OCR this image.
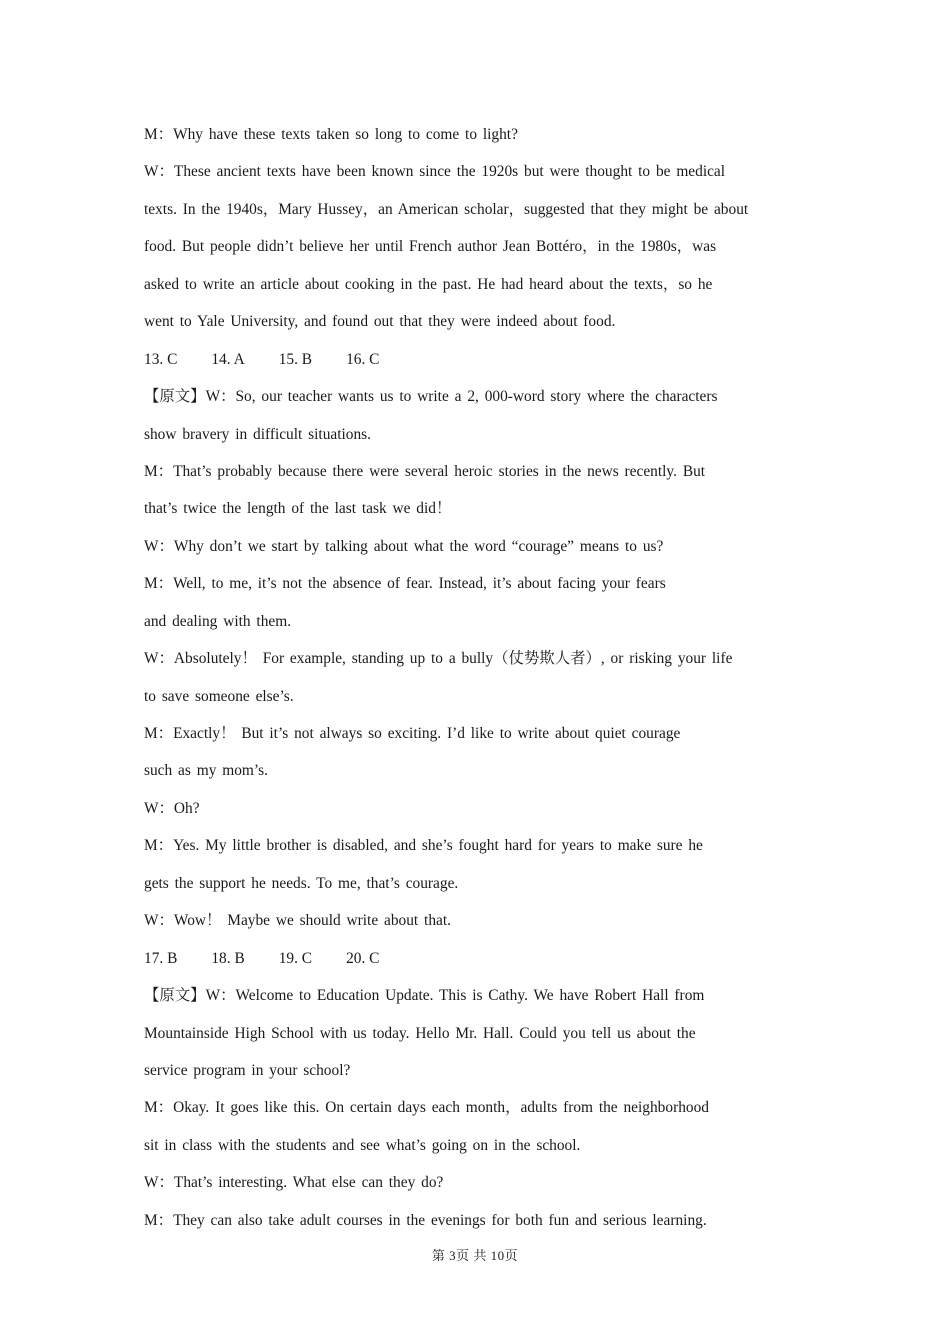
M：Why have these texts taken so long to come to light?
W：These ancient texts have been known since the 1920s but were thought to be medical
texts. In the 1940s，Mary Hussey，an American scholar，suggested that they might be about
food. But people didn’t believe her until French author Jean Bottéro，in the 1980s，was
asked to write an article about cooking in the past. He had heard about the texts，so he
went to Yale University, and found out that they were indeed about food.
13. C 14. A 15. B 16. C
【原文】W：So, our teacher wants us to write a 2, 000-word story where the characters
show bravery in difficult situations.
M：That’s probably because there were several heroic stories in the news recently. But
that’s twice the length of the last task we did！
W：Why don’t we start by talking about what the word “courage” means to us?
M：Well, to me, it’s not the absence of fear. Instead, it’s about facing your fears
and dealing with them.
W：Absolutely！ For example, standing up to a bully（仗势欺人者）, or risking your life
to save someone else’s.
M：Exactly！ But it’s not always so exciting. I’d like to write about quiet courage
such as my mom’s.
W：Oh?
M：Yes. My little brother is disabled, and she’s fought hard for years to make sure he
gets the support he needs. To me, that’s courage.
W：Wow！ Maybe we should write about that.
17. B 18. B 19. C 20. C
【原文】W：Welcome to Education Update. This is Cathy. We have Robert Hall from
Mountainside High School with us today. Hello Mr. Hall. Could you tell us about the
service program in your school?
M：Okay. It goes like this. On certain days each month，adults from the neighborhood
sit in class with the students and see what’s going on in the school.
W：That’s interesting. What else can they do?
M：They can also take adult courses in the evenings for both fun and serious learning.
第 3页 共 10页
